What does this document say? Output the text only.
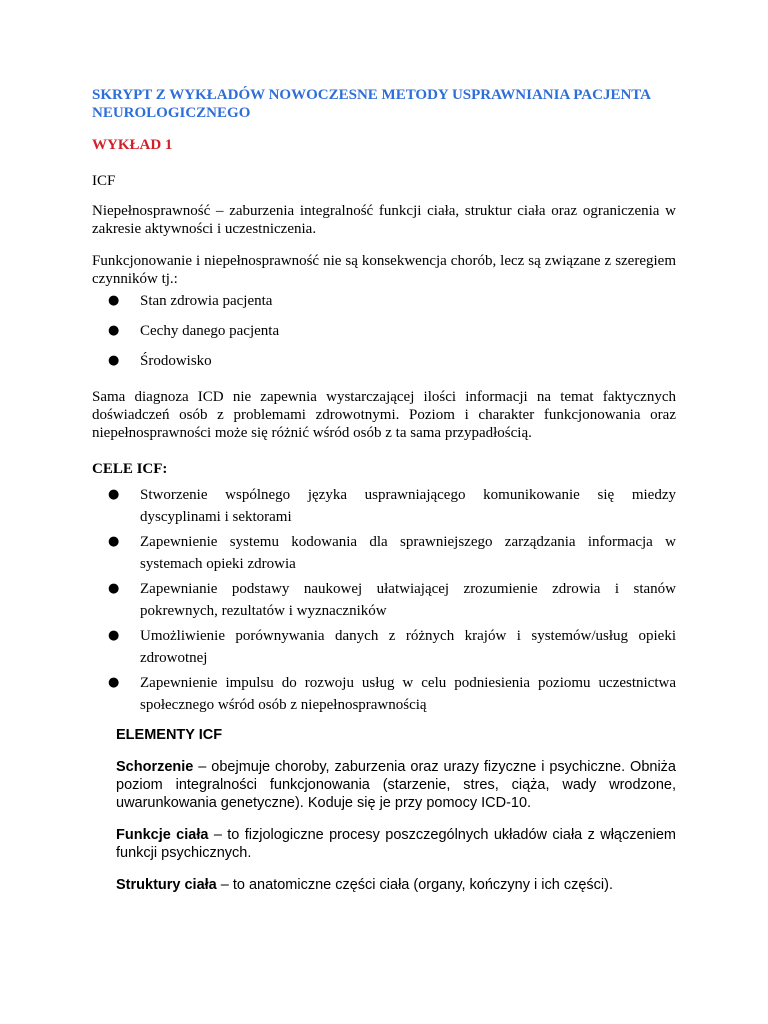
SKRYPT Z WYKŁADÓW NOWOCZESNE METODY USPRAWNIANIA PACJENTA NEUROLOGICZNEGO
WYKŁAD 1

ICF

Niepełnosprawność – zaburzenia integralność funkcji ciała, struktur ciała oraz ograniczenia w zakresie aktywności i uczestniczenia.

Funkcjonowanie i niepełnosprawność nie są konsekwencja chorób, lecz są związane z szeregiem czynników tj.:

● Stan zdrowia pacjenta
● Cechy danego pacjenta
● Środowisko

Sama diagnoza ICD nie zapewnia wystarczającej ilości informacji na temat faktycznych doświadczeń osób z problemami zdrowotnymi. Poziom i charakter funkcjonowania oraz niepełnosprawności może się różnić wśród osób z ta sama przypadłością.

CELE ICF:

● Stworzenie wspólnego języka usprawniającego komunikowanie się miedzy dyscyplinami i sektorami
● Zapewnienie systemu kodowania dla sprawniejszego zarządzania informacja w systemach opieki zdrowia
● Zapewnianie podstawy naukowej ułatwiającej zrozumienie zdrowia i stanów pokrewnych, rezultatów i wyznaczników
● Umożliwienie porównywania danych z różnych krajów i systemów/usług opieki zdrowotnej
● Zapewnienie impulsu do rozwoju usług w celu podniesienia poziomu uczestnictwa społecznego wśród osób z niepełnosprawnością

ELEMENTY ICF

Schorzenie – obejmuje choroby, zaburzenia oraz urazy fizyczne i psychiczne. Obniża poziom integralności funkcjonowania (starzenie, stres, ciąża, wady wrodzone, uwarunkowania genetyczne). Koduje się je przy pomocy ICD-10.

Funkcje ciała – to fizjologiczne procesy poszczególnych układów ciała z włączeniem funkcji psychicznych.

Struktury ciała – to anatomiczne części ciała (organy, kończyny i ich części).
